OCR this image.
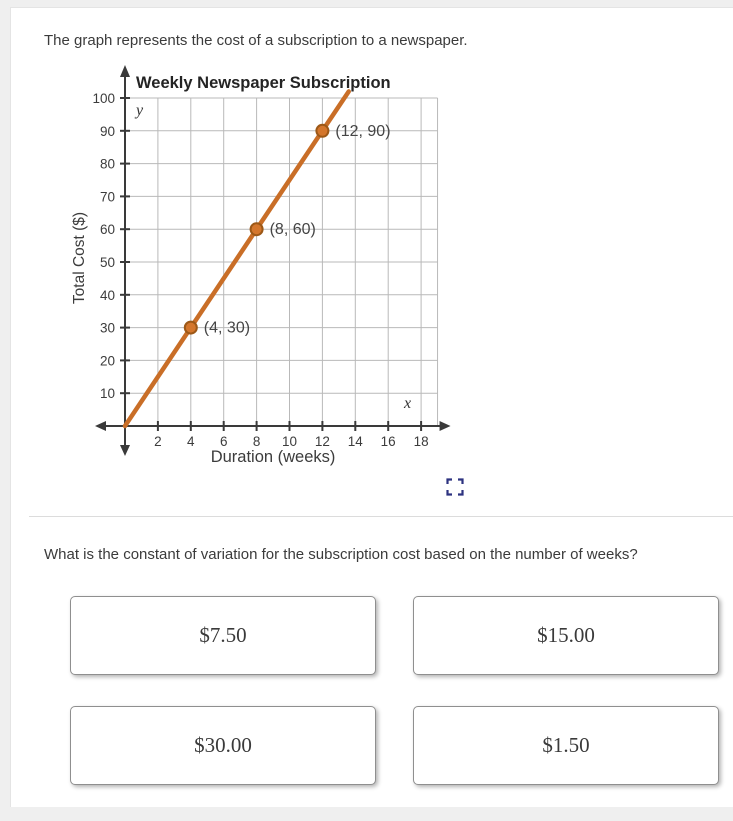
The graph represents the cost of a subscription to a newspaper.

2 4 6 8 10 12 14 16 18
10
20
30
40
50
60
70
80
90
100
(4, 30)
(8, 60)
(12, 90)
Weekly Newspaper Subscription
y
x
Duration (weeks)
Total Cost ($)

What is the constant of variation for the subscription cost based on the number of weeks?

$7.50	$15.00
$30.00	$1.50
